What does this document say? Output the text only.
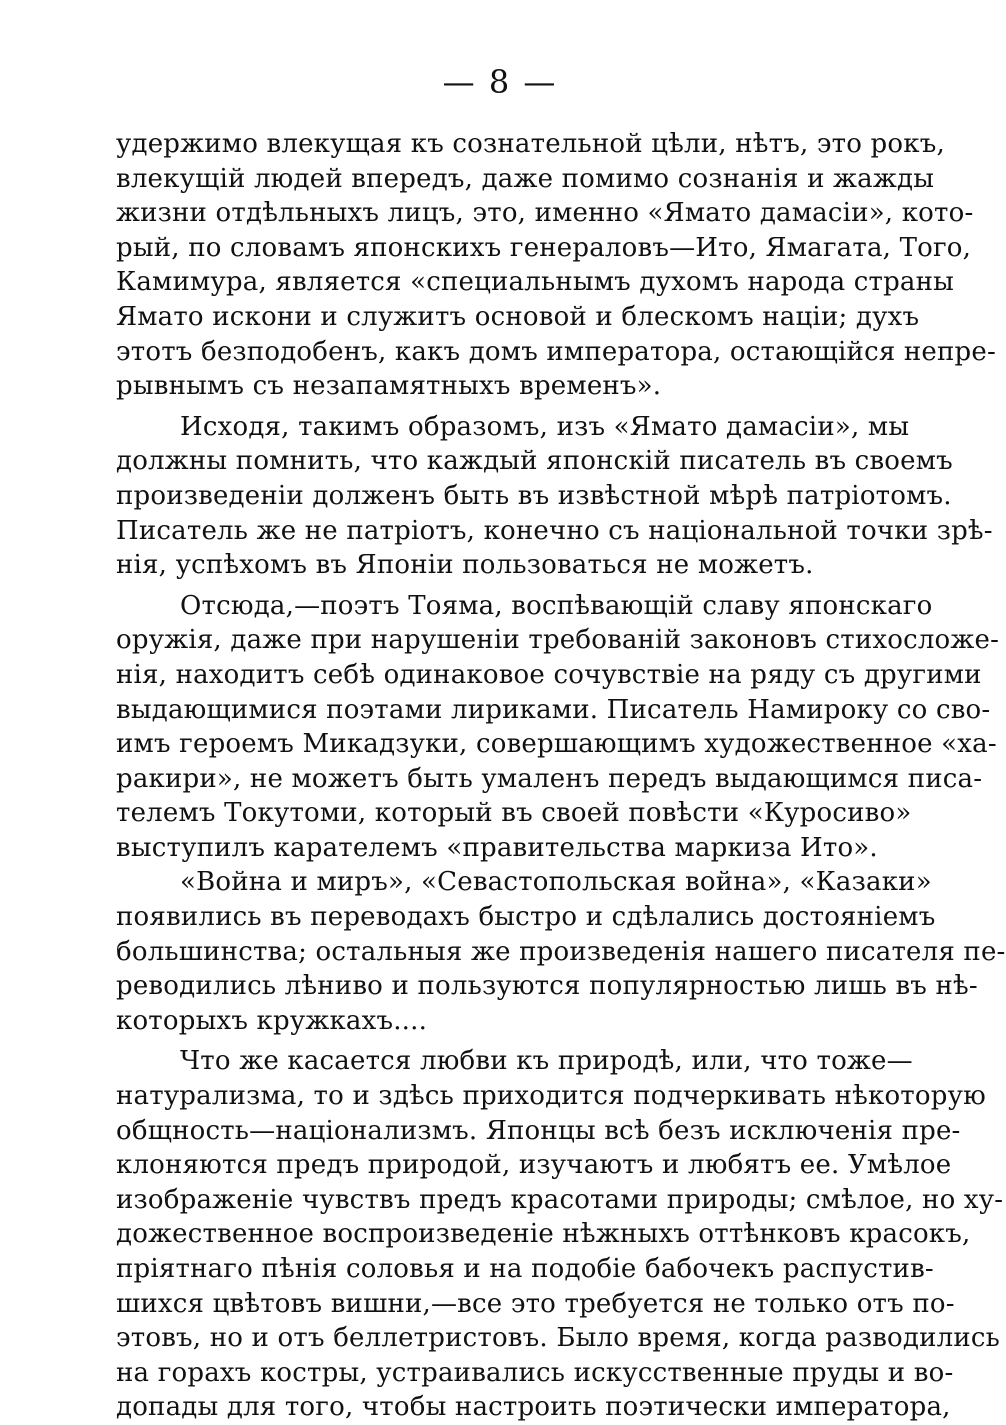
— 8 —
удержимо влекущая къ сознательной цѣли, нѣтъ, это рокъ,
влекущiй людей впередъ, даже помимо сознанiя и жажды
жизни отдѣльныхъ лицъ, это, именно «Ямато дамасiи», кото-
рый, по словамъ японскихъ генераловъ—Ито, Ямагата, Того,
Камимура, является «специальнымъ духомъ народа страны
Ямато искони и служитъ основой и блескомъ нацiи; духъ
этотъ безподобенъ, какъ домъ императора, остающiйся непре-
рывнымъ съ незапамятныхъ временъ».
Исходя, такимъ образомъ, изъ «Ямато дамасiи», мы
должны помнить, что каждый японскiй писатель въ своемъ
произведенiи долженъ быть въ извѣстной мѣрѣ патрiотомъ.
Писатель же не патрiотъ, конечно съ нацiональной точки зрѣ-
нiя, успѣхомъ въ Японiи пользоваться не можетъ.
Отсюда,—поэтъ Тояма, воспѣвающiй славу японскаго
оружiя, даже при нарушенiи требованiй законовъ стихосложе-
нiя, находитъ себѣ одинаковое сочувствiе на ряду съ другими
выдающимися поэтами лириками. Писатель Намироку со сво-
имъ героемъ Микадзуки, совершающимъ художественное «ха-
ракири», не можетъ быть умаленъ передъ выдающимся писа-
телемъ Токутоми, который въ своей повѣсти «Куросиво»
выступилъ карателемъ «правительства маркиза Ито».
«Война и миръ», «Севастопольская война», «Казаки»
появились въ переводахъ быстро и сдѣлались достоянiемъ
большинства; остальныя же произведенiя нашего писателя пе-
реводились лѣниво и пользуются популярностью лишь въ нѣ-
которыхъ кружкахъ....
Что же касается любви къ природѣ, или, что тоже—
натурализма, то и здѣсь приходится подчеркивать нѣкоторую
общность—нацiонализмъ. Японцы всѣ безъ исключенiя пре-
клоняются предъ природой, изучаютъ и любятъ ее. Умѣлое
изображенiе чувствъ предъ красотами природы; смѣлое, но ху-
дожественное воспроизведенiе нѣжныхъ оттѣнковъ красокъ,
прiятнаго пѣнiя соловья и на подобiе бабочекъ распустив-
шихся цвѣтовъ вишни,—все это требуется не только отъ по-
этовъ, но и отъ беллетристовъ. Было время, когда разводились
на горахъ костры, устраивались искусственные пруды и во-
допады для того, чтобы настроить поэтически императора,
